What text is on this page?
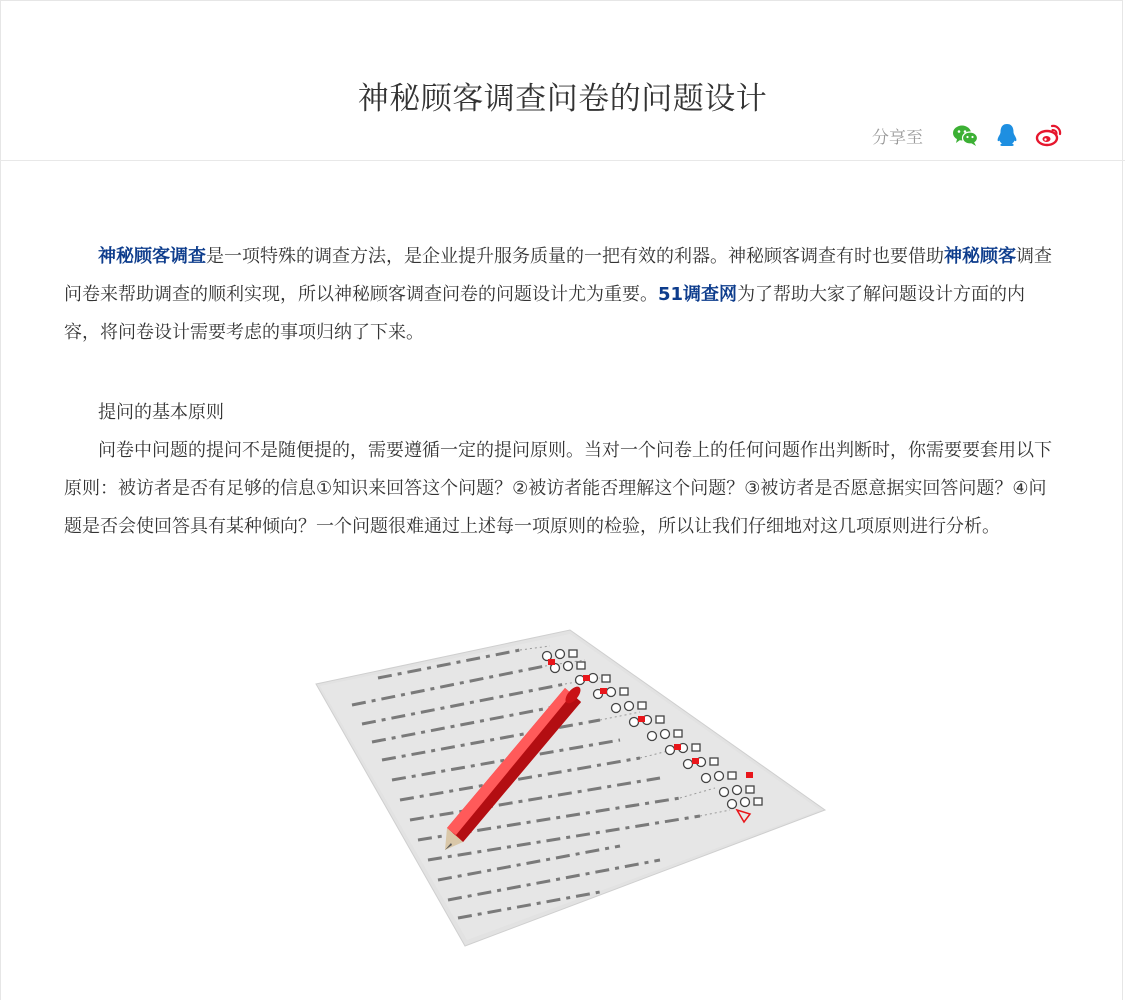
神秘顾客调查问卷的问题设计
分享至

神秘顾客调查是一项特殊的调查方法，是企业提升服务质量的一把有效的利器。神秘顾客调查有时也要借助神秘顾客调查问卷来帮助调查的顺利实现，所以神秘顾客调查问卷的问题设计尤为重要。51调查网为了帮助大家了解问题设计方面的内容，将问卷设计需要考虑的事项归纳了下来。

提问的基本原则

问卷中问题的提问不是随便提的，需要遵循一定的提问原则。当对一个问卷上的任何问题作出判断时，你需要要套用以下原则：被访者是否有足够的信息①知识来回答这个问题？②被访者能否理解这个问题？③被访者是否愿意据实回答问题？④问题是否会使回答具有某种倾向？一个问题很难通过上述每一项原则的检验，所以让我们仔细地对这几项原则进行分析。
